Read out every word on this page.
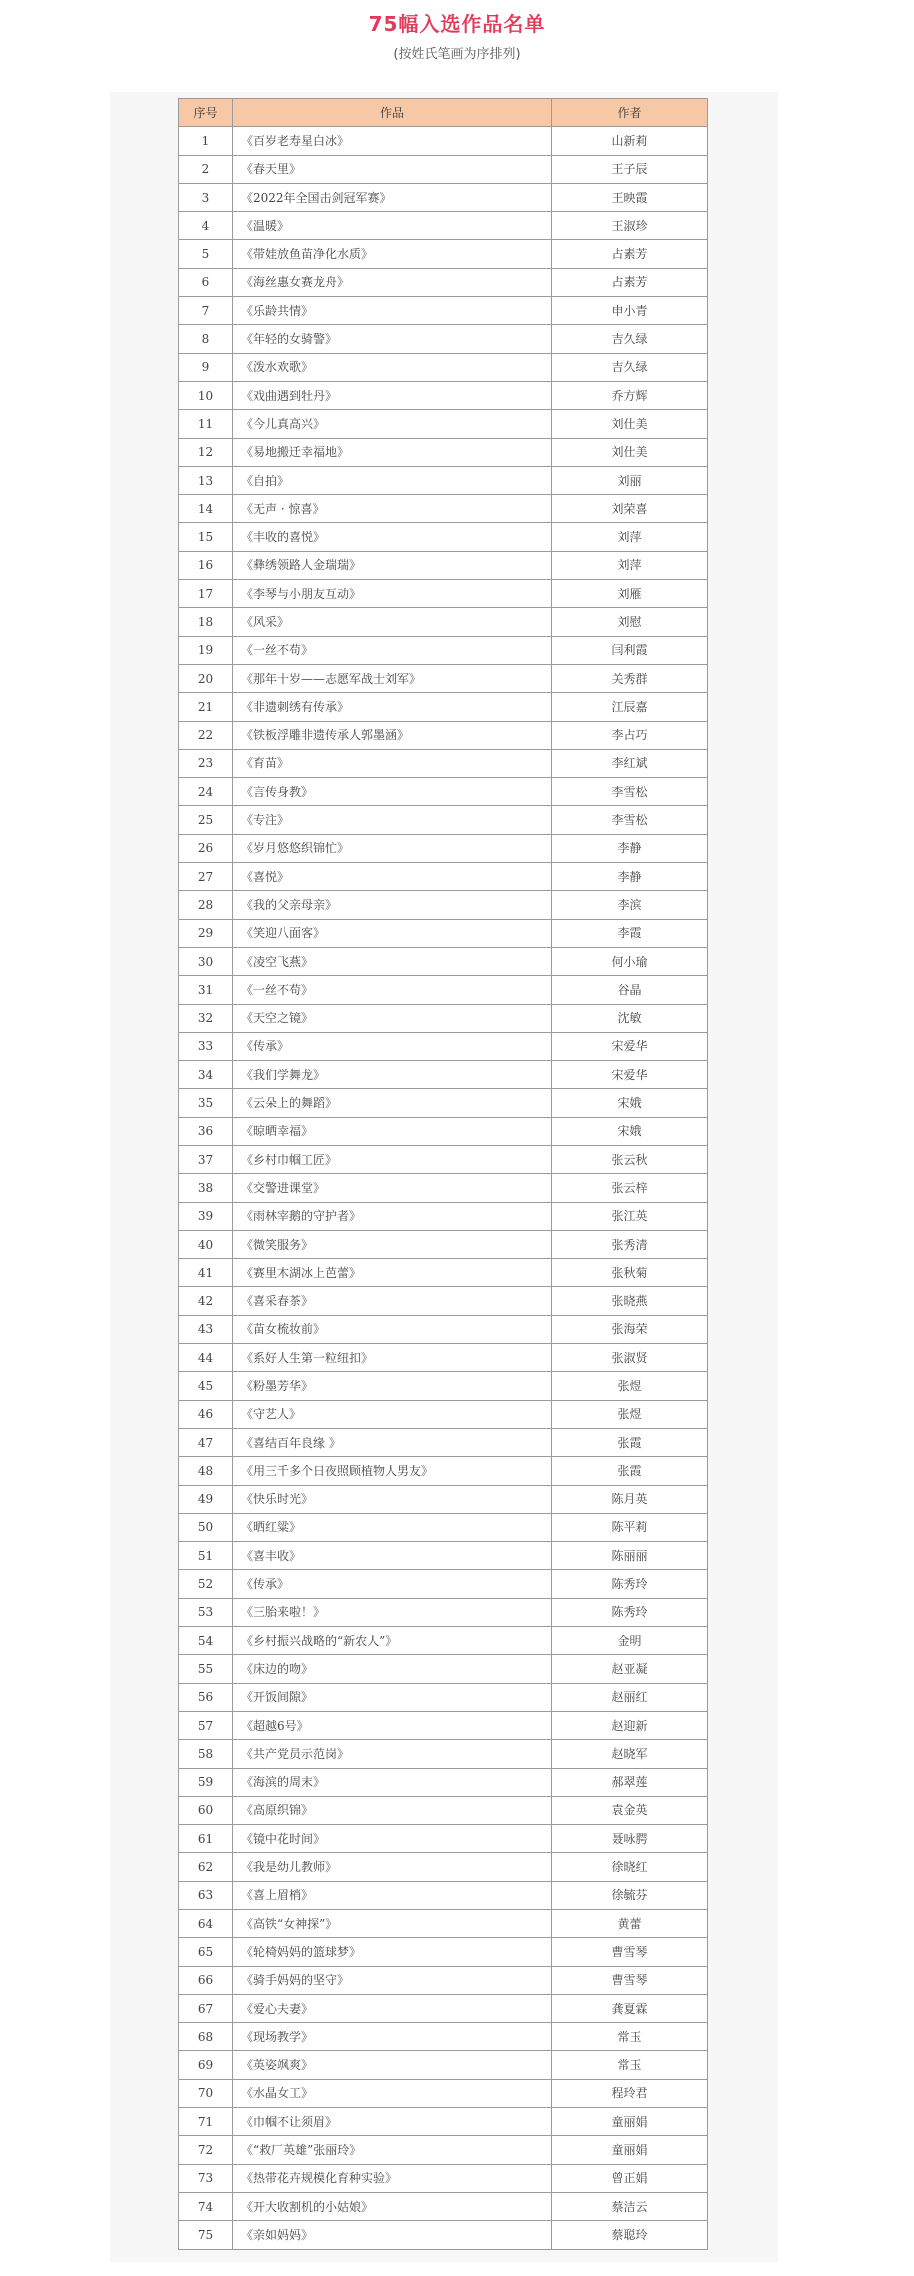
75幅入选作品名单
(按姓氏笔画为序排列)
序号	作品	作者
1	《百岁老寿星白冰》	山新莉
2	《春天里》	王子辰
3	《2022年全国击剑冠军赛》	王映霞
4	《温暖》	王淑珍
5	《带娃放鱼苗净化水质》	占素芳
6	《海丝惠女赛龙舟》	占素芳
7	《乐龄共情》	申小青
8	《年轻的女骑警》	吉久绿
9	《泼水欢歌》	吉久绿
10	《戏曲遇到牡丹》	乔方辉
11	《今儿真高兴》	刘仕美
12	《易地搬迁幸福地》	刘仕美
13	《自拍》	刘丽
14	《无声 · 惊喜》	刘荣喜
15	《丰收的喜悦》	刘萍
16	《彝绣领路人金瑞瑞》	刘萍
17	《李琴与小朋友互动》	刘雁
18	《风采》	刘慰
19	《一丝不苟》	闫利霞
20	《那年十岁——志愿军战士刘军》	关秀群
21	《非遗刺绣有传承》	江辰嘉
22	《铁板浮雕非遗传承人郭墨涵》	李占巧
23	《育苗》	李红斌
24	《言传身教》	李雪松
25	《专注》	李雪松
26	《岁月悠悠织锦忙》	李静
27	《喜悦》	李静
28	《我的父亲母亲》	李滨
29	《笑迎八面客》	李霞
30	《凌空飞燕》	何小瑜
31	《一丝不苟》	谷晶
32	《天空之镜》	沈敏
33	《传承》	宋爱华
34	《我们学舞龙》	宋爱华
35	《云朵上的舞蹈》	宋娥
36	《晾晒幸福》	宋娥
37	《乡村巾帼工匠》	张云秋
38	《交警进课堂》	张云梓
39	《雨林宰鹅的守护者》	张江英
40	《微笑服务》	张秀清
41	《赛里木湖冰上芭蕾》	张秋菊
42	《喜采春茶》	张晓燕
43	《苗女梳妆前》	张海荣
44	《系好人生第一粒纽扣》	张淑贤
45	《粉墨芳华》	张煜
46	《守艺人》	张煜
47	《喜结百年良缘 》	张霞
48	《用三千多个日夜照顾植物人男友》	张霞
49	《快乐时光》	陈月英
50	《晒红粱》	陈平莉
51	《喜丰收》	陈丽丽
52	《传承》	陈秀玲
53	《三胎来啦！》	陈秀玲
54	《乡村振兴战略的“新农人”》	金明
55	《床边的吻》	赵亚凝
56	《开饭间隙》	赵丽红
57	《超越6号》	赵迎新
58	《共产党员示范岗》	赵晓军
59	《海滨的周末》	郝翠莲
60	《高原织锦》	袁金英
61	《镜中花时间》	聂咏腭
62	《我是幼儿教师》	徐晓红
63	《喜上眉梢》	徐毓芬
64	《高铁“女神探”》	黄蕾
65	《轮椅妈妈的篮球梦》	曹雪琴
66	《骑手妈妈的坚守》	曹雪琴
67	《爱心夫妻》	龚夏霖
68	《现场教学》	常玉
69	《英姿飒爽》	常玉
70	《水晶女工》	程玲君
71	《巾帼不让须眉》	童丽娟
72	《“救厂英雄”张丽玲》	童丽娟
73	《热带花卉规模化育种实验》	曾正娟
74	《开大收割机的小姑娘》	蔡洁云
75	《亲如妈妈》	蔡聪玲
